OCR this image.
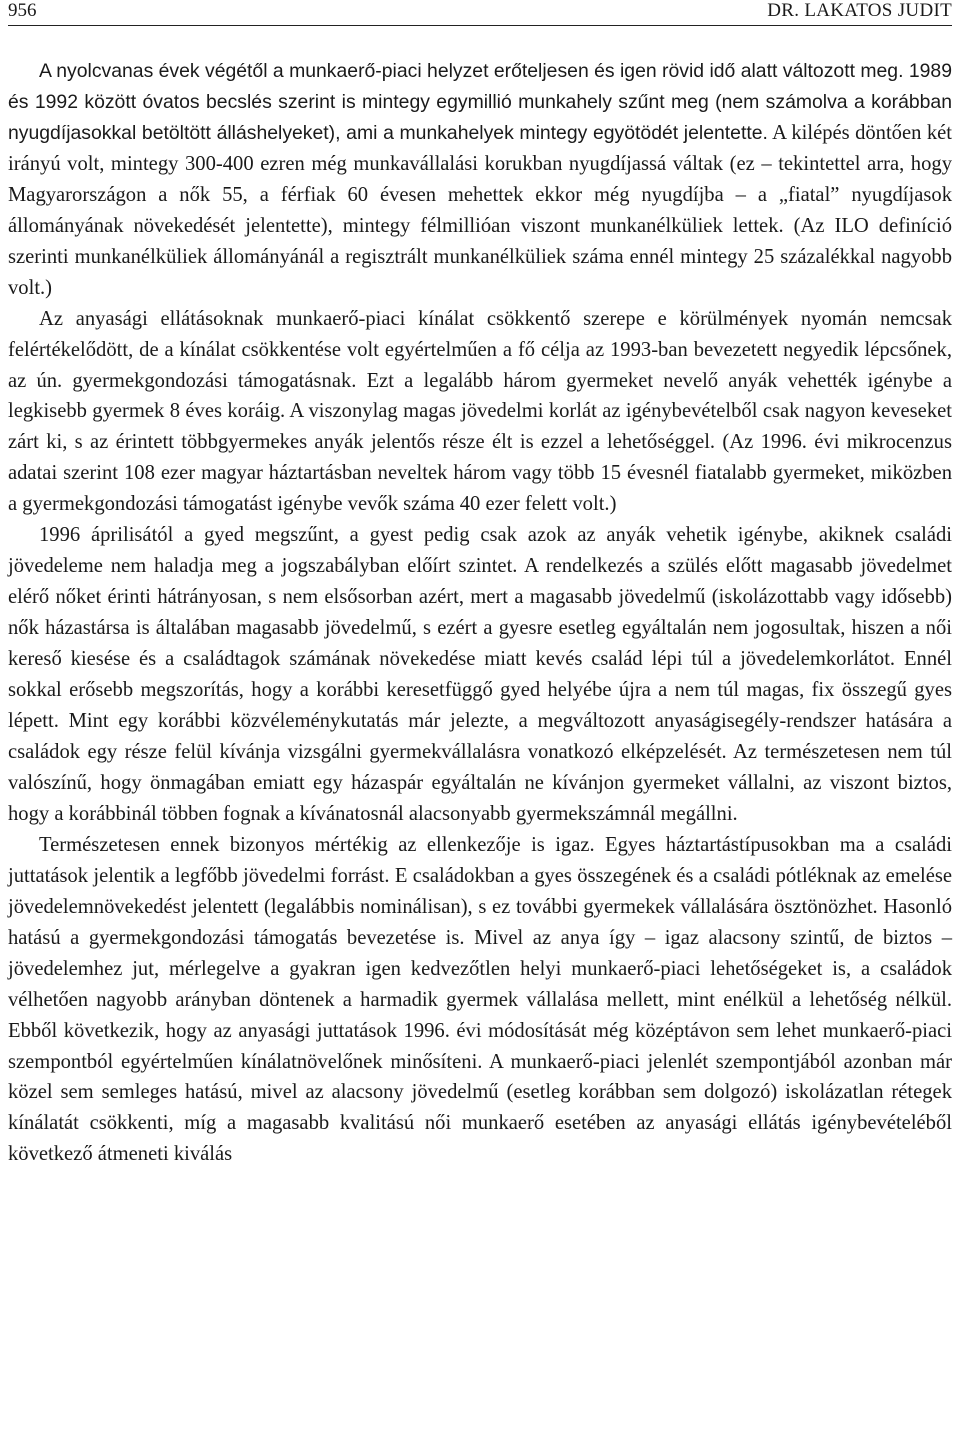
956	DR. LAKATOS JUDIT

A nyolcvanas évek végétől a munkaerő-piaci helyzet erőteljesen és igen rövid idő alatt változott meg. 1989 és 1992 között óvatos becslés szerint is mintegy egymillió munkahely szűnt meg (nem számolva a korábban nyugdíjasokkal betöltött álláshelyeket), ami a munkahelyek mintegy egyötödét jelentette. A kilépés döntően két irányú volt, mintegy 300-400 ezren még munkavállalási korukban nyugdíjassá váltak (ez – tekintettel arra, hogy Magyarországon a nők 55, a férfiak 60 évesen mehettek ekkor még nyugdíjba – a „fiatal” nyugdíjasok állományának növekedését jelentette), mintegy félmillióan viszont munkanélküliek lettek. (Az ILO definíció szerinti munkanélküliek állományánál a regisztrált munkanélküliek száma ennél mintegy 25 százalékkal nagyobb volt.)

Az anyasági ellátásoknak munkaerő-piaci kínálat csökkentő szerepe e körülmények nyomán nemcsak felértékelődött, de a kínálat csökkentése volt egyértelműen a fő célja az 1993-ban bevezetett negyedik lépcsőnek, az ún. gyermekgondozási támogatásnak. Ezt a legalább három gyermeket nevelő anyák vehették igénybe a legkisebb gyermek 8 éves koráig. A viszonylag magas jövedelmi korlát az igénybevételből csak nagyon keveseket zárt ki, s az érintett többgyermekes anyák jelentős része élt is ezzel a lehetőséggel. (Az 1996. évi mikrocenzus adatai szerint 108 ezer magyar háztartásban neveltek három vagy több 15 évesnél fiatalabb gyermeket, miközben a gyermekgondozási támogatást igénybe vevők száma 40 ezer felett volt.)

1996 áprilisától a gyed megszűnt, a gyest pedig csak azok az anyák vehetik igénybe, akiknek családi jövedeleme nem haladja meg a jogszabályban előírt szintet. A rendelkezés a szülés előtt magasabb jövedelmet elérő nőket érinti hátrányosan, s nem elsősorban azért, mert a magasabb jövedelmű (iskolázottabb vagy idősebb) nők házastársa is általában magasabb jövedelmű, s ezért a gyesre esetleg egyáltalán nem jogosultak, hiszen a női kereső kiesése és a családtagok számának növekedése miatt kevés család lépi túl a jövedelemkorlátot. Ennél sokkal erősebb megszorítás, hogy a korábbi keresetfüggő gyed helyébe újra a nem túl magas, fix összegű gyes lépett. Mint egy korábbi közvéleménykutatás már jelezte, a megváltozott anyaságisegély-rendszer hatására a családok egy része felül kívánja vizsgálni gyermekvállalásra vonatkozó elképzelését. Az természetesen nem túl valószínű, hogy önmagában emiatt egy házaspár egyáltalán ne kívánjon gyermeket vállalni, az viszont biztos, hogy a korábbinál többen fognak a kívánatosnál alacsonyabb gyermekszámnál megállni.

Természetesen ennek bizonyos mértékig az ellenkezője is igaz. Egyes háztartástípusokban ma a családi juttatások jelentik a legfőbb jövedelmi forrást. E családokban a gyes összegének és a családi pótléknak az emelése jövedelemnövekedést jelentett (legalábbis nominálisan), s ez további gyermekek vállalására ösztönözhet. Hasonló hatású a gyermekgondozási támogatás bevezetése is. Mivel az anya így – igaz alacsony szintű, de biztos – jövedelemhez jut, mérlegelve a gyakran igen kedvezőtlen helyi munkaerő-piaci lehetőségeket is, a családok vélhetően nagyobb arányban döntenek a harmadik gyermek vállalása mellett, mint enélkül a lehetőség nélkül. Ebből következik, hogy az anyasági juttatások 1996. évi módosítását még középtávon sem lehet munkaerő-piaci szempontból egyértelműen kínálatnövelőnek minősíteni. A munkaerő-piaci jelenlét szempontjából azonban már közel sem semleges hatású, mivel az alacsony jövedelmű (esetleg korábban sem dolgozó) iskolázatlan rétegek kínálatát csökkenti, míg a magasabb kvalitású női munkaerő esetében az anyasági ellátás igénybevételéből következő átmeneti kiválás
